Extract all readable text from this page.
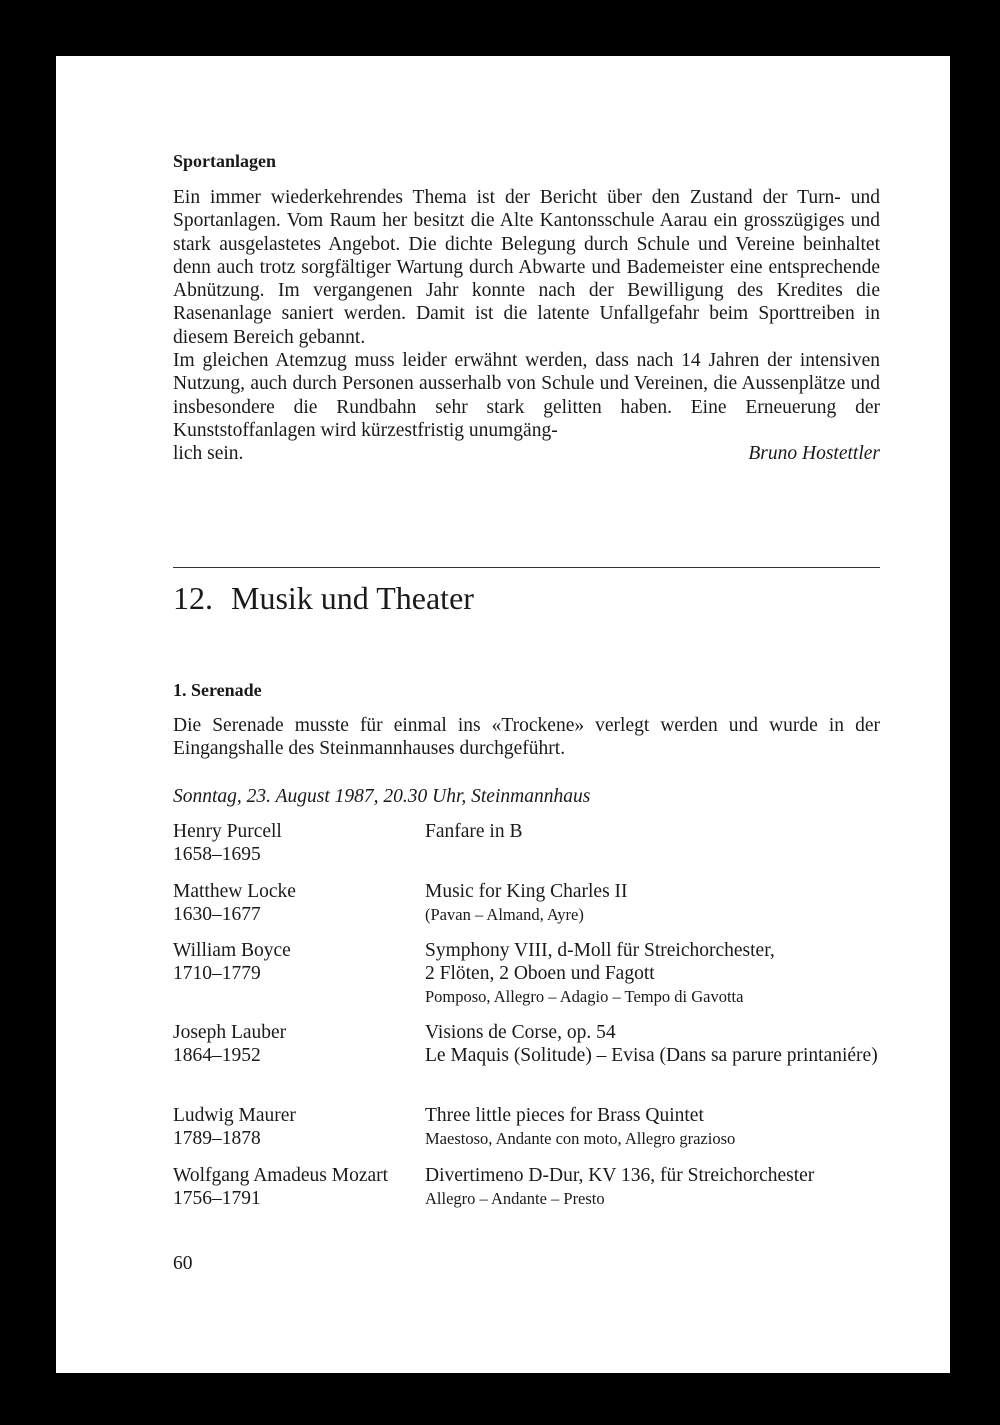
Sportanlagen

Ein immer wiederkehrendes Thema ist der Bericht über den Zustand der Turn- und Sportanlagen. Vom Raum her besitzt die Alte Kantonsschule Aarau ein grosszügiges und stark ausgelastetes Angebot. Die dichte Belegung durch Schule und Vereine beinhaltet denn auch trotz sorgfältiger Wartung durch Abwarte und Bademeister eine entsprechende Abnützung. Im vergangenen Jahr konnte nach der Bewilligung des Kredites die Rasenanlage saniert werden. Damit ist die latente Unfallgefahr beim Sporttreiben in diesem Bereich gebannt.

Im gleichen Atemzug muss leider erwähnt werden, dass nach 14 Jahren der intensiven Nutzung, auch durch Personen ausserhalb von Schule und Vereinen, die Aussenplätze und insbesondere die Rundbahn sehr stark gelitten haben. Eine Erneuerung der Kunststoffanlagen wird kürzestfristig unumgäng-

lich sein.	Bruno Hostettler
12. Musik und Theater
1. Serenade
Die Serenade musste für einmal ins «Trockene» verlegt werden und wurde in der Eingangshalle des Steinmannhauses durchgeführt.
Sonntag, 23. August 1987, 20.30 Uhr, Steinmannhaus
Henry Purcell
1658–1695
Fanfare in B
Matthew Locke
1630–1677
Music for King Charles II
(Pavan – Almand, Ayre)
William Boyce
1710–1779
Symphony VIII, d-Moll für Streichorchester,
2 Flöten, 2 Oboen und Fagott
Pomposo, Allegro – Adagio – Tempo di Gavotta
Joseph Lauber
1864–1952
Visions de Corse, op. 54
Le Maquis (Solitude) – Evisa (Dans sa parure printaniére)
Ludwig Maurer
1789–1878
Three little pieces for Brass Quintet
Maestoso, Andante con moto, Allegro grazioso
Wolfgang Amadeus Mozart
1756–1791
Divertimeno D-Dur, KV 136, für Streichorchester
Allegro – Andante – Presto
60
